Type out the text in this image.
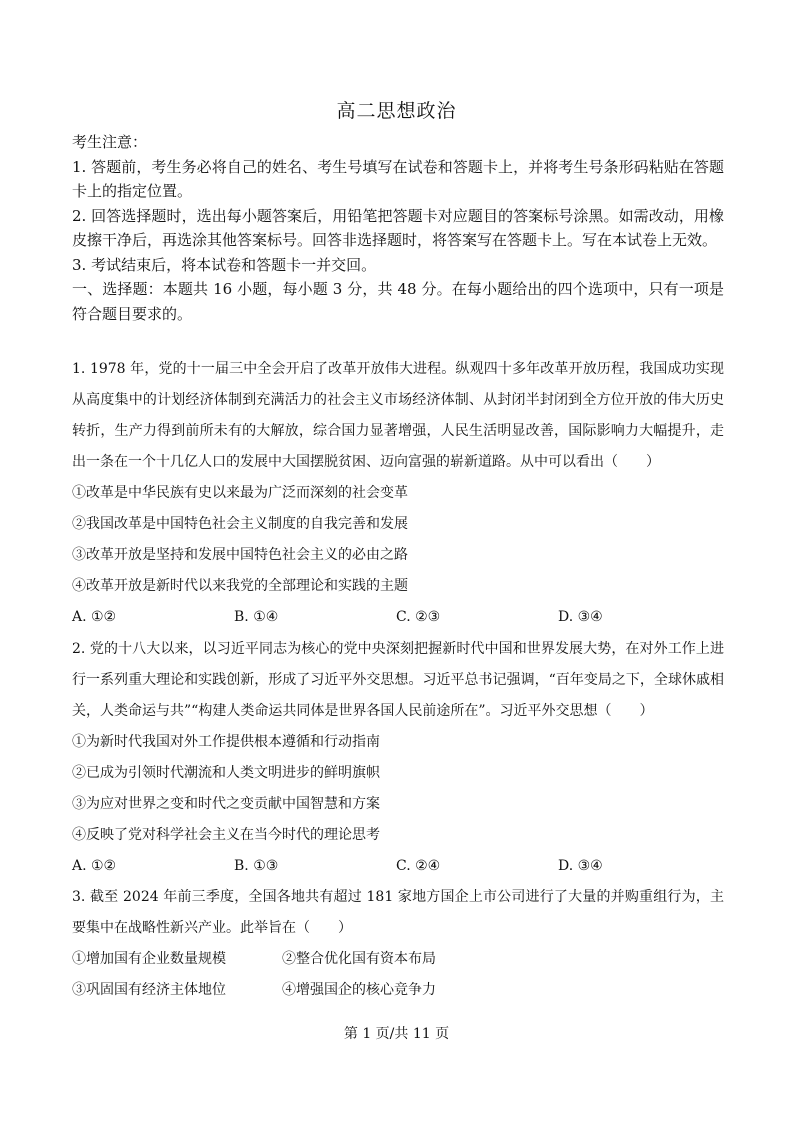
高二思想政治

考生注意：

1. 答题前，考生务必将自己的姓名、考生号填写在试卷和答题卡上，并将考生号条形码粘贴在答题卡上的指定位置。

2. 回答选择题时，选出每小题答案后，用铅笔把答题卡对应题目的答案标号涂黑。如需改动，用橡皮擦干净后，再选涂其他答案标号。回答非选择题时，将答案写在答题卡上。写在本试卷上无效。

3. 考试结束后，将本试卷和答题卡一并交回。

一、选择题：本题共 16 小题，每小题 3 分，共 48 分。在每小题给出的四个选项中，只有一项是符合题目要求的。

1. 1978 年，党的十一届三中全会开启了改革开放伟大进程。纵观四十多年改革开放历程，我国成功实现从高度集中的计划经济体制到充满活力的社会主义市场经济体制、从封闭半封闭到全方位开放的伟大历史转折，生产力得到前所未有的大解放，综合国力显著增强，人民生活明显改善，国际影响力大幅提升，走出一条在一个十几亿人口的发展中大国摆脱贫困、迈向富强的崭新道路。从中可以看出（　　）

①改革是中华民族有史以来最为广泛而深刻的社会变革

②我国改革是中国特色社会主义制度的自我完善和发展

③改革开放是坚持和发展中国特色社会主义的必由之路

④改革开放是新时代以来我党的全部理论和实践的主题

A. ①②	B. ①④	C. ②③	D. ③④

2. 党的十八大以来，以习近平同志为核心的党中央深刻把握新时代中国和世界发展大势，在对外工作上进行一系列重大理论和实践创新，形成了习近平外交思想。习近平总书记强调，“百年变局之下，全球休戚相关，人类命运与共”“构建人类命运共同体是世界各国人民前途所在”。习近平外交思想（　　）

①为新时代我国对外工作提供根本遵循和行动指南

②已成为引领时代潮流和人类文明进步的鲜明旗帜

③为应对世界之变和时代之变贡献中国智慧和方案

④反映了党对科学社会主义在当今时代的理论思考

A. ①②	B. ①③	C. ②④	D. ③④

3. 截至 2024 年前三季度，全国各地共有超过 181 家地方国企上市公司进行了大量的并购重组行为，主要集中在战略性新兴产业。此举旨在（　　）

①增加国有企业数量规模	②整合优化国有资本布局
③巩固国有经济主体地位	④增强国企的核心竞争力
第 1 页/共 11 页
